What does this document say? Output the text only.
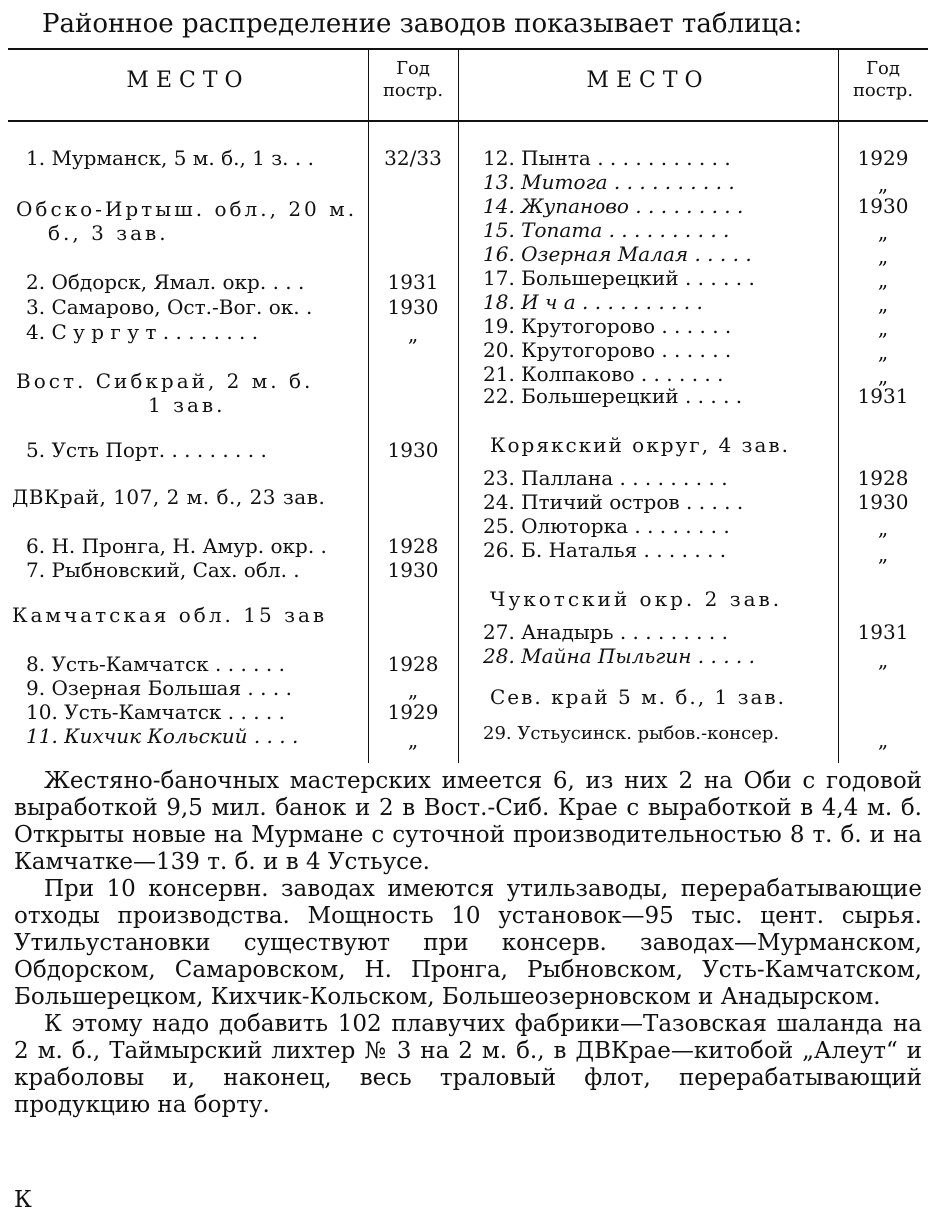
Районное распределение заводов показывает таблица:
МЕСТО	Год
постр.	МЕСТО	Год
постр.
1. Мурманск, 5 м. б., 1 з. . .	32/33
Обско-Иртыш. обл., 20 м.
б., 3 зав.
2. Обдорск, Ямал. окр. . . .	1931
3. Самарово, Ост.-Вог. ок. .	1930
4. С у р г у т . . . . . . . .	„
Вост. Сибкрай, 2 м. б.
1 зав.
5. Усть Порт. . . . . . . . .	1930
ДВКрай, 107, 2 м. б., 23 зав.
6. Н. Пронга, Н. Амур. окр. .	1928
7. Рыбновский, Сах. обл. .	1930
Камчатская обл. 15 зав
8. Усть-Камчатск . . . . . .	1928
9. Озерная Большая . . . .	„
10. Усть-Камчатск . . . . .	1929
11. Кихчик Кольский . . . .	„
12. Пынта . . . . . . . . . . .	1929
13. Митога . . . . . . . . . .	„
14. Жупаново . . . . . . . . .	1930
15. Топата . . . . . . . . . .	„
16. Озерная Малая . . . . .	„
17. Большерецкий . . . . . .	„
18. И ч а . . . . . . . . . .	„
19. Крутогорово . . . . . .	„
20. Крутогорово . . . . . .	„
21. Колпаково . . . . . . .	„
22. Большерецкий . . . . .	1931
Корякский округ, 4 зав.
23. Паллана . . . . . . . . .	1928
24. Птичий остров . . . . .	1930
25. Олюторка . . . . . . . .	„
26. Б. Наталья . . . . . . .	„
Чукотский окр. 2 зав.
27. Анадырь . . . . . . . . .	1931
28. Майна Пыльгин . . . . .	„
Сев. край 5 м. б., 1 зав.
29. Устьусинск. рыбов.-консер.	„

Жестяно-баночных мастерских имеется 6, из них 2 на Оби с годовой выработкой 9,5 мил. банок и 2 в Вост.-Сиб. Крае с выработкой в 4,4 м. б. Открыты новые на Мурмане с суточной производительностью 8 т. б. и на Камчатке—139 т. б. и в 4 Устьусе.

При 10 консервн. заводах имеются утильзаводы, перерабатывающие отходы производства. Мощность 10 установок—95 тыс. цент. сырья. Утильустановки существуют при консерв. заводах—Мурманском, Обдорском, Самаровском, Н. Пронга, Рыбновском, Усть-Камчатском, Большерецком, Кихчик-Кольском, Большеозерновском и Анадырском.

К этому надо добавить 102 плавучих фабрики—Тазовская шаланда на 2 м. б., Таймырский лихтер № 3 на 2 м. б., в ДВКрае—китобой „Алеут“ и краболовы и, наконец, весь траловый флот, перерабатывающий продукцию на борту.

К
